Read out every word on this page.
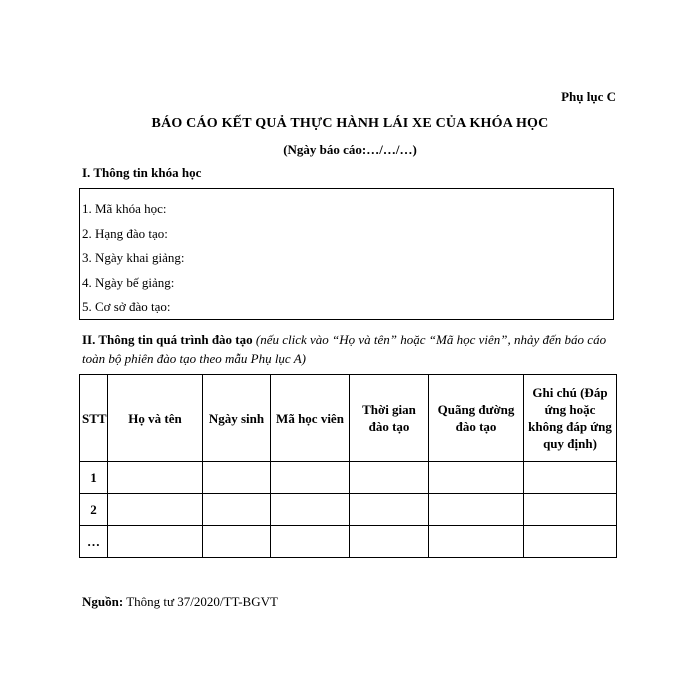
Phụ lục C
BÁO CÁO KẾT QUẢ THỰC HÀNH LÁI XE CỦA KHÓA HỌC
(Ngày báo cáo:…/…/…)
I. Thông tin khóa học
1. Mã khóa học:
2. Hạng đào tạo:
3. Ngày khai giảng:
4. Ngày bế giảng:
5. Cơ sở đào tạo:
II. Thông tin quá trình đào tạo (nếu click vào “Họ và tên” hoặc “Mã học viên”, nhảy đến báo cáo toàn bộ phiên đào tạo theo mẫu Phụ lục A)
STT	Họ và tên	Ngày sinh	Mã học viên	Thời gian đào tạo	Quãng đường đào tạo	Ghi chú (Đáp ứng hoặc không đáp ứng quy định)
1						
2						
…						
Nguồn: Thông tư 37/2020/TT-BGVT
